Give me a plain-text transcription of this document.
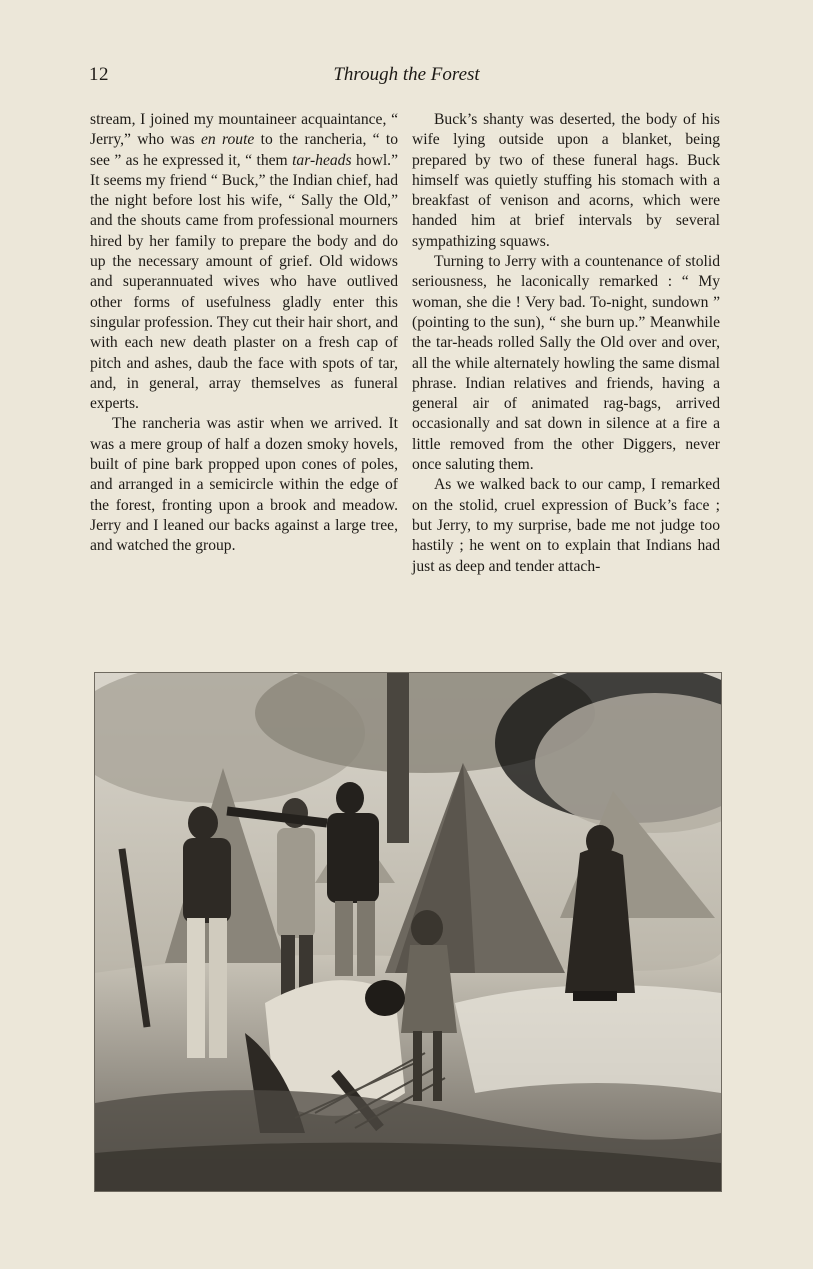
12	Through the Forest

stream, I joined my mountaineer acquaintance, “ Jerry,” who was en route to the rancheria, “ to see ” as he expressed it, “ them tar-heads howl.” It seems my friend “ Buck,” the Indian chief, had the night before lost his wife, “ Sally the Old,” and the shouts came from professional mourners hired by her family to prepare the body and do up the necessary amount of grief. Old widows and superannuated wives who have outlived other forms of usefulness gladly enter this singular profession. They cut their hair short, and with each new death plaster on a fresh cap of pitch and ashes, daub the face with spots of tar, and, in general, array themselves as funeral experts.

The rancheria was astir when we arrived. It was a mere group of half a dozen smoky hovels, built of pine bark propped upon cones of poles, and arranged in a semicircle within the edge of the forest, fronting upon a brook and meadow. Jerry and I leaned our backs against a large tree, and watched the group.

Buck’s shanty was deserted, the body of his wife lying outside upon a blanket, being prepared by two of these funeral hags. Buck himself was quietly stuffing his stomach with a breakfast of venison and acorns, which were handed him at brief intervals by several sympathizing squaws.

Turning to Jerry with a countenance of stolid seriousness, he laconically remarked : “ My woman, she die ! Very bad. To-night, sundown ” (pointing to the sun), “ she burn up.” Meanwhile the tar-heads rolled Sally the Old over and over, all the while alternately howling the same dismal phrase. Indian relatives and friends, having a general air of animated rag-bags, arrived occasionally and sat down in silence at a fire a little removed from the other Diggers, never once saluting them.

As we walked back to our camp, I remarked on the stolid, cruel expression of Buck’s face ; but Jerry, to my surprise, bade me not judge too hastily ; he went on to explain that Indians had just as deep and tender attach-
